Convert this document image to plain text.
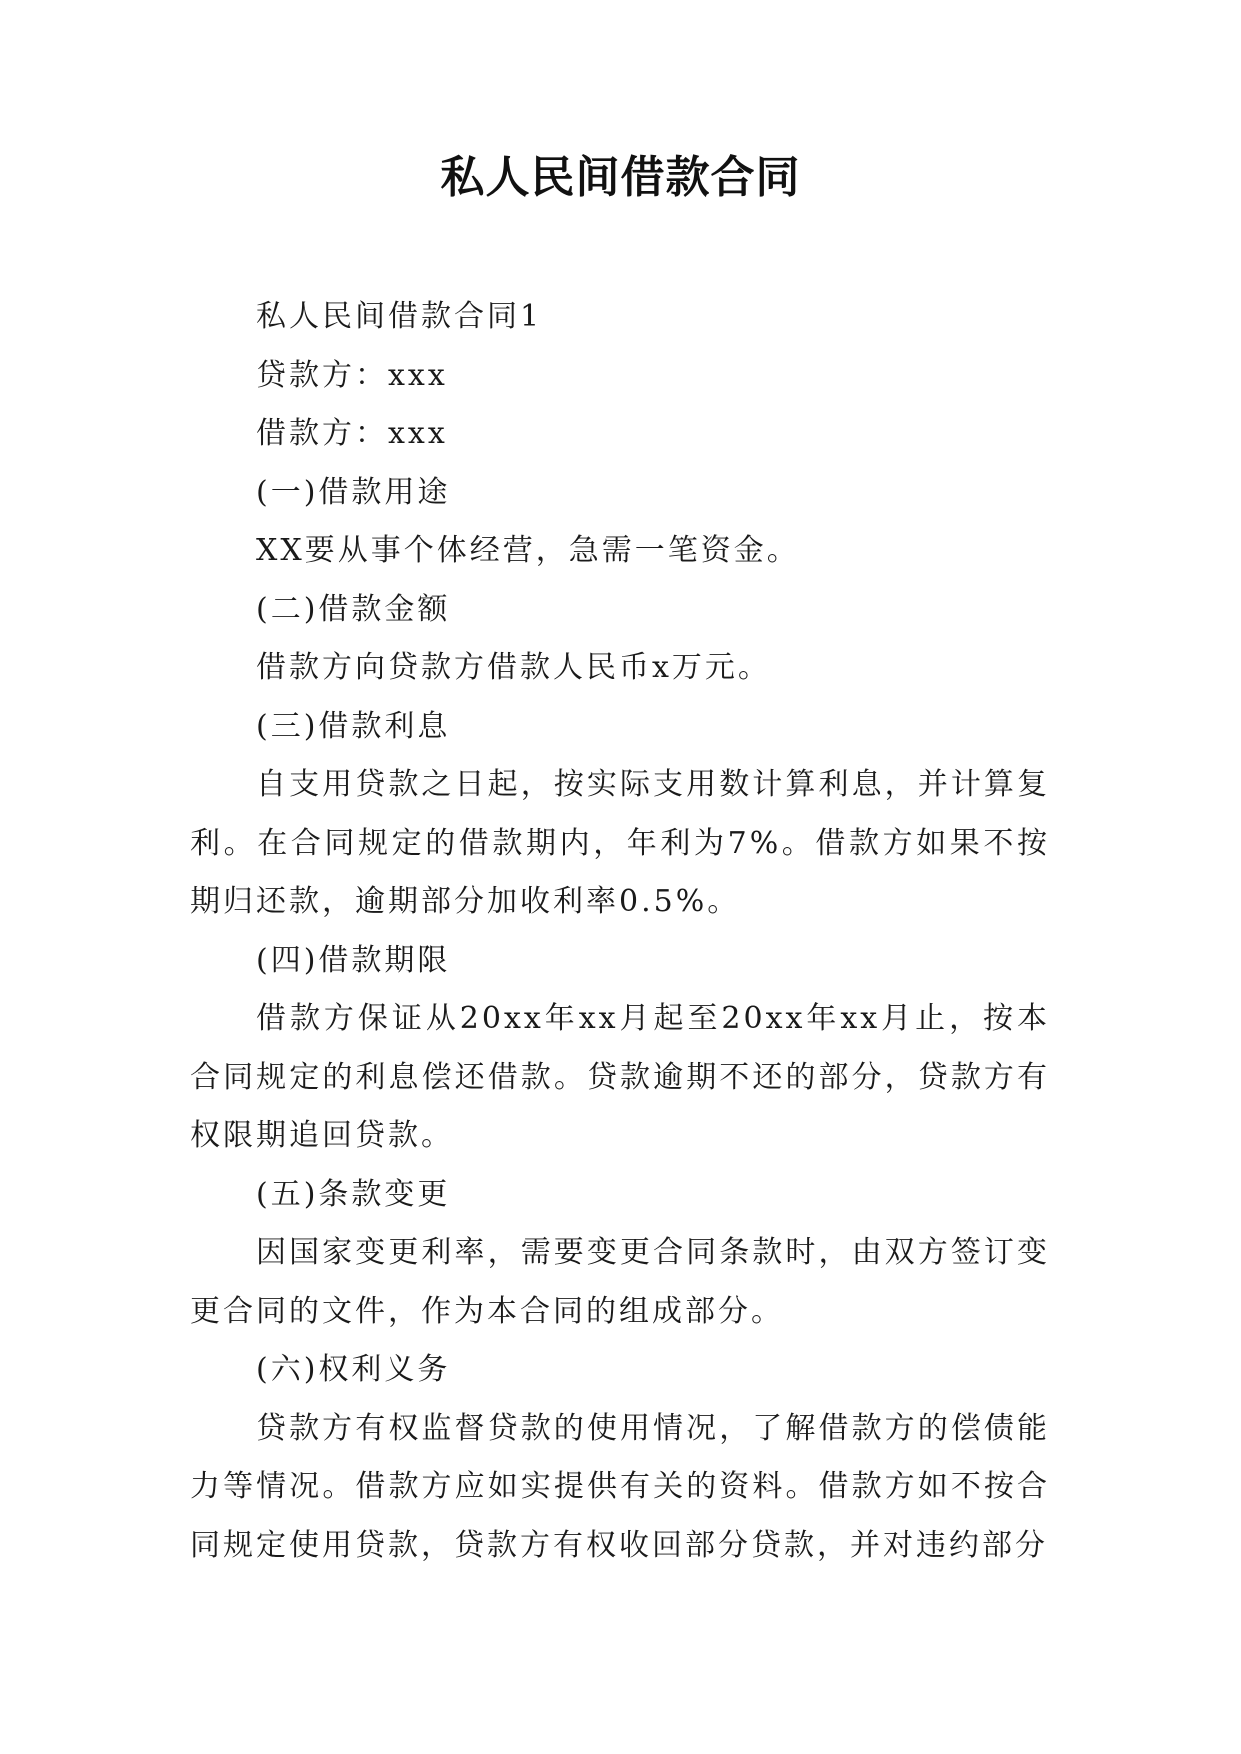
私人民间借款合同

私人民间借款合同1

贷款方：xxx

借款方：xxx

(一)借款用途

XX要从事个体经营，急需一笔资金。

(二)借款金额

借款方向贷款方借款人民币x万元。

(三)借款利息

自支用贷款之日起，按实际支用数计算利息，并计算复利。在合同规定的借款期内，年利为7%。借款方如果不按期归还款，逾期部分加收利率0.5%。

(四)借款期限

借款方保证从20xx年xx月起至20xx年xx月止，按本合同规定的利息偿还借款。贷款逾期不还的部分，贷款方有权限期追回贷款。

(五)条款变更

因国家变更利率，需要变更合同条款时，由双方签订变更合同的文件，作为本合同的组成部分。

(六)权利义务

贷款方有权监督贷款的使用情况，了解借款方的偿债能力等情况。借款方应如实提供有关的资料。借款方如不按合同规定使用贷款，贷款方有权收回部分贷款，并对违约部分
